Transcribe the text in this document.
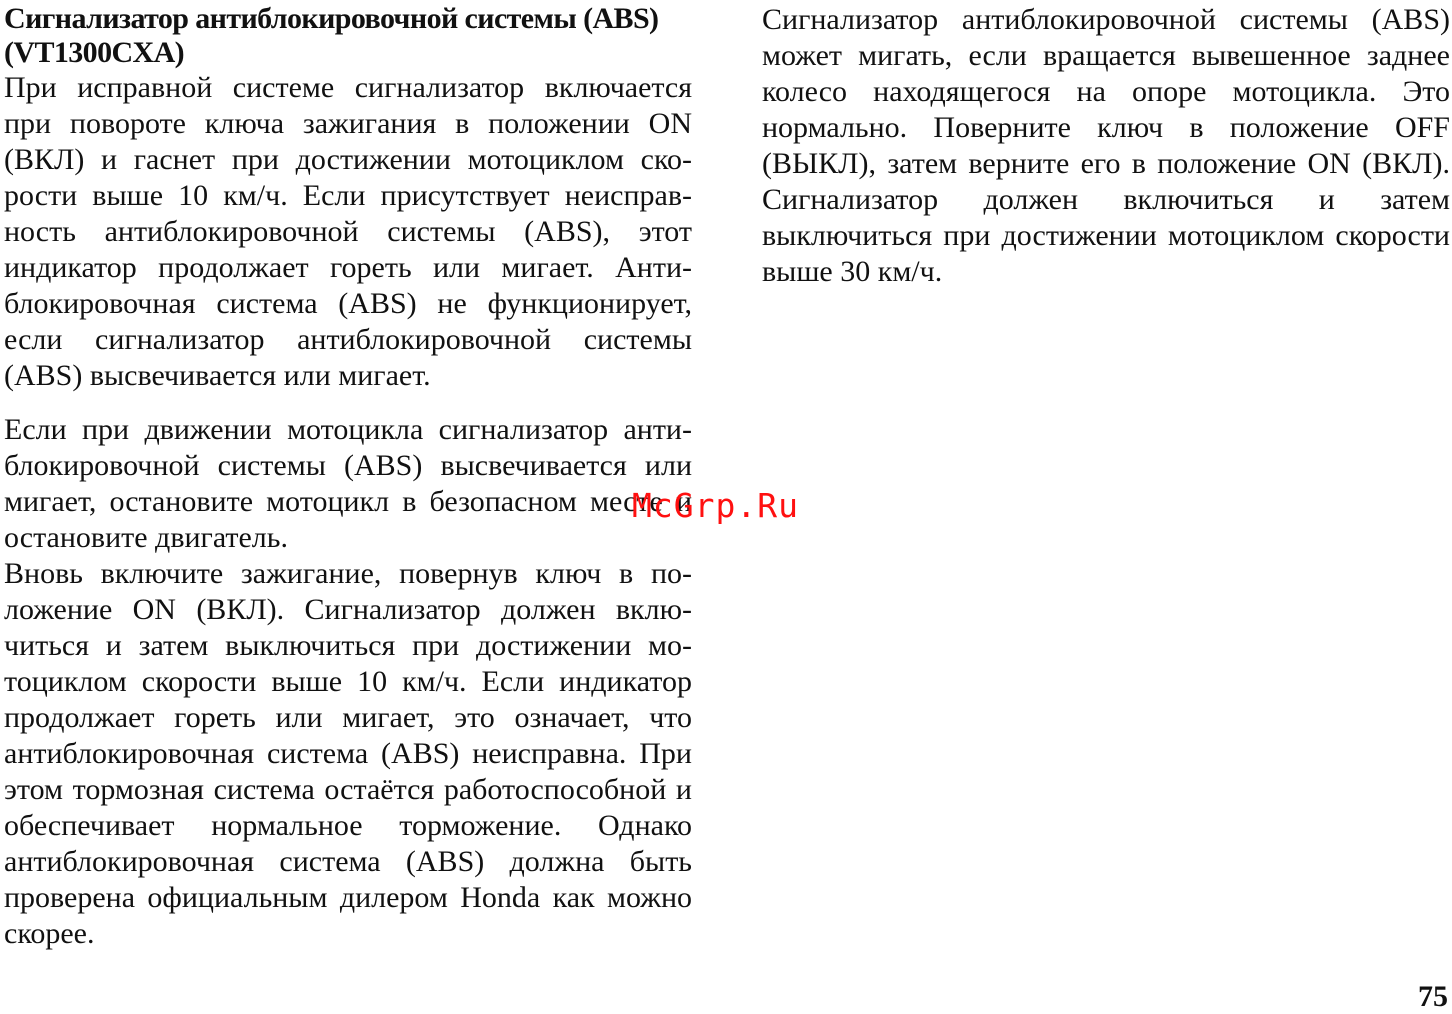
Сигнализатор антиблокировочной системы (ABS)
(VT1300CXA)

При исправной системе сигнализатор включается при повороте ключа зажигания в положении ON (ВКЛ) и гаснет при достижении мотоциклом скорости выше 10 км/ч. Если присутствует неисправность антиблокировочной системы (ABS), этот индикатор продолжает гореть или мигает. Антиблокировочная система (ABS) не функционирует, если сигнализатор антиблокировочной системы (ABS) высвечивается или мигает.

Если при движении мотоцикла сигнализатор антиблокировочной системы (ABS) высвечивается или мигает, остановите мотоцикл в безопасном месте и остановите двигатель.

Вновь включите зажигание, повернув ключ в положение ON (ВКЛ). Сигнализатор должен включиться и затем выключиться при достижении мотоциклом скорости выше 10 км/ч. Если индикатор продолжает гореть или мигает, это означает, что антиблокировочная система (ABS) неисправна. При этом тормозная система остаётся работоспособной и обеспечивает нормальное торможение. Однако антиблокировочная система (ABS) должна быть проверена официальным дилером Honda как можно скорее.

Сигнализатор антиблокировочной системы (ABS) может мигать, если вращается вывешенное заднее колесо находящегося на опоре мотоцикла. Это нормально. Поверните ключ в положение OFF (ВЫКЛ), затем верните его в положение ON (ВКЛ). Сигнализатор должен включиться и затем выключиться при достижении мотоциклом скорости выше 30 км/ч.

McGrp.Ru
75
